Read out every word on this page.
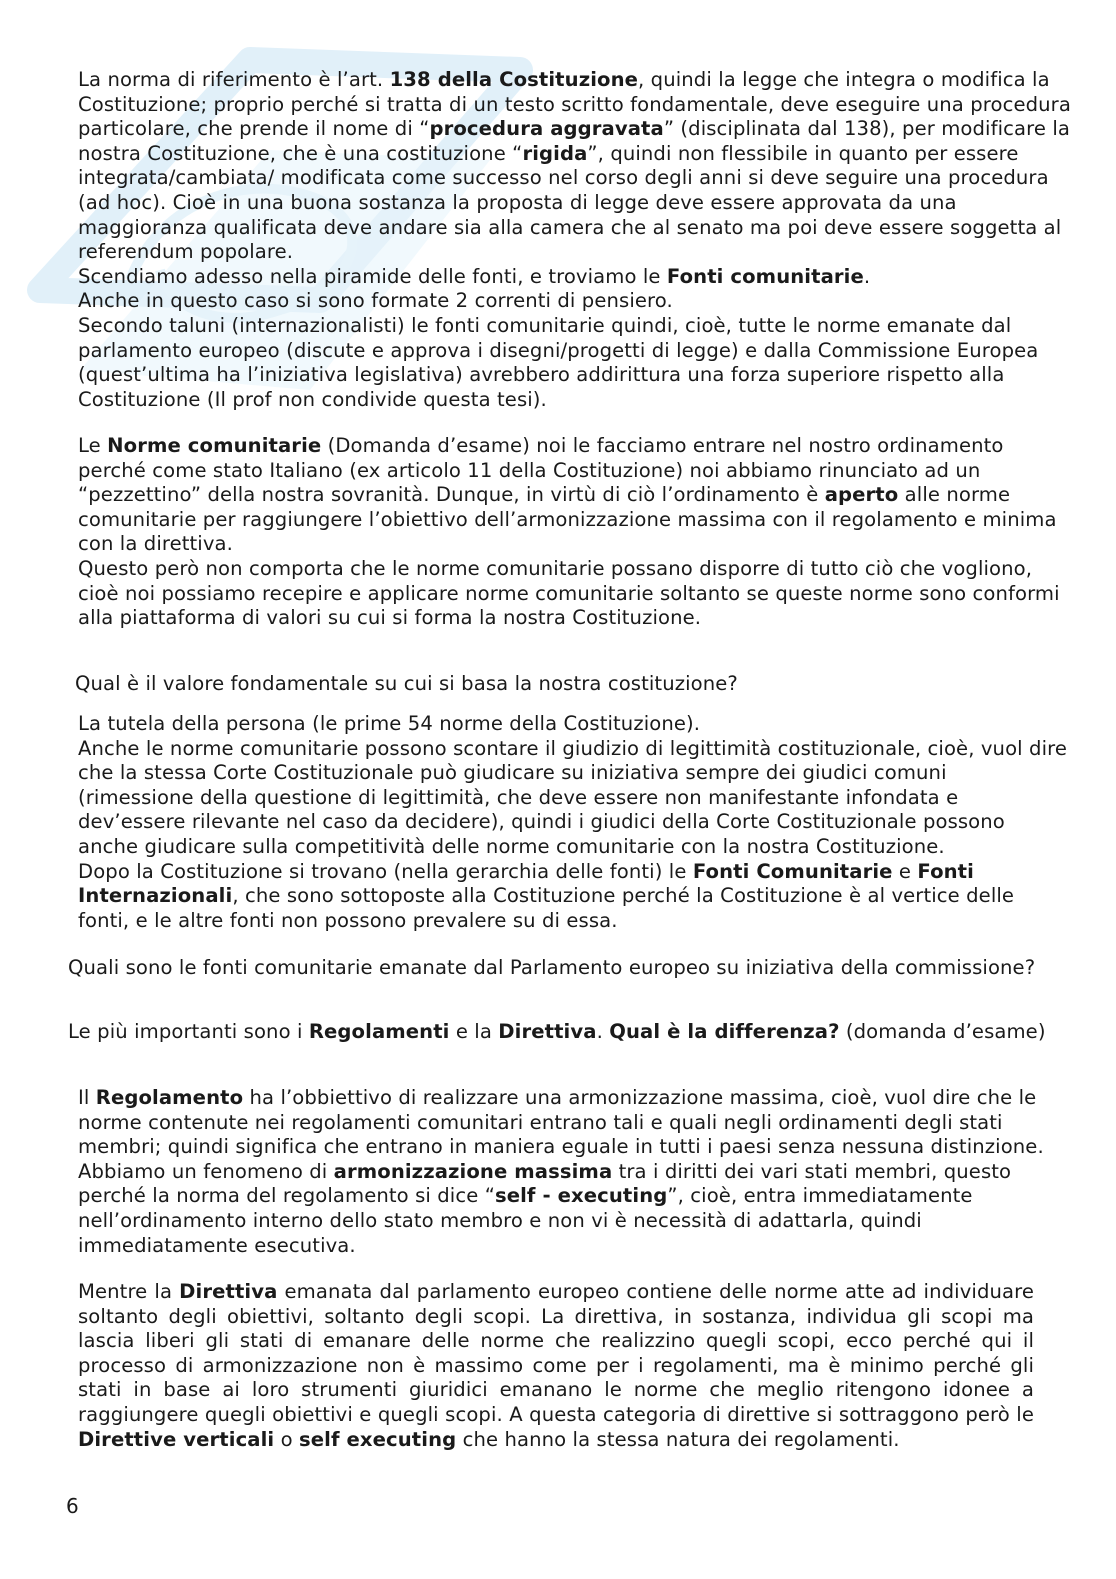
La norma di riferimento è l’art. 138 della Costituzione, quindi la legge che integra o modifica la Costituzione; proprio perché si tratta di un testo scritto fondamentale, deve eseguire una procedura particolare, che prende il nome di “procedura aggravata” (disciplinata dal 138), per modificare la nostra Costituzione, che è una costituzione “rigida”, quindi non flessibile in quanto per essere integrata/cambiata/ modificata come successo nel corso degli anni si deve seguire una procedura (ad hoc). Cioè in una buona sostanza la proposta di legge deve essere approvata da una maggioranza qualificata deve andare sia alla camera che al senato ma poi deve essere soggetta al referendum popolare.
Scendiamo adesso nella piramide delle fonti, e troviamo le Fonti comunitarie.
Anche in questo caso si sono formate 2 correnti di pensiero.
Secondo taluni (internazionalisti) le fonti comunitarie quindi, cioè, tutte le norme emanate dal parlamento europeo (discute e approva i disegni/progetti di legge) e dalla Commissione Europea (quest’ultima ha l’iniziativa legislativa) avrebbero addirittura una forza superiore rispetto alla Costituzione (Il prof non condivide questa tesi).

Le Norme comunitarie (Domanda d’esame) noi le facciamo entrare nel nostro ordinamento perché come stato Italiano (ex articolo 11 della Costituzione) noi abbiamo rinunciato ad un “pezzettino” della nostra sovranità. Dunque, in virtù di ciò l’ordinamento è aperto alle norme comunitarie per raggiungere l’obiettivo dell’armonizzazione massima con il regolamento e minima con la direttiva.
Questo però non comporta che le norme comunitarie possano disporre di tutto ciò che vogliono, cioè noi possiamo recepire e applicare norme comunitarie soltanto se queste norme sono conformi alla piattaforma di valori su cui si forma la nostra Costituzione.

Qual è il valore fondamentale su cui si basa la nostra costituzione?

La tutela della persona (le prime 54 norme della Costituzione).
Anche le norme comunitarie possono scontare il giudizio di legittimità costituzionale, cioè, vuol dire che la stessa Corte Costituzionale può giudicare su iniziativa sempre dei giudici comuni (rimessione della questione di legittimità, che deve essere non manifestante infondata e dev’essere rilevante nel caso da decidere), quindi i giudici della Corte Costituzionale possono anche giudicare sulla competitività delle norme comunitarie con la nostra Costituzione.
Dopo la Costituzione si trovano (nella gerarchia delle fonti) le Fonti Comunitarie e Fonti Internazionali, che sono sottoposte alla Costituzione perché la Costituzione è al vertice delle fonti, e le altre fonti non possono prevalere su di essa.

Quali sono le fonti comunitarie emanate dal Parlamento europeo su iniziativa della commissione?

Le più importanti sono i Regolamenti e la Direttiva. Qual è la differenza? (domanda d’esame)

Il Regolamento ha l’obbiettivo di realizzare una armonizzazione massima, cioè, vuol dire che le norme contenute nei regolamenti comunitari entrano tali e quali negli ordinamenti degli stati membri; quindi significa che entrano in maniera eguale in tutti i paesi senza nessuna distinzione. Abbiamo un fenomeno di armonizzazione massima tra i diritti dei vari stati membri, questo perché la norma del regolamento si dice “self - executing”, cioè, entra immediatamente nell’ordinamento interno dello stato membro e non vi è necessità di adattarla, quindi immediatamente esecutiva.

Mentre la Direttiva emanata dal parlamento europeo contiene delle norme atte ad individuare soltanto degli obiettivi, soltanto degli scopi. La direttiva, in sostanza, individua gli scopi ma lascia liberi gli stati di emanare delle norme che realizzino quegli scopi, ecco perché qui il processo di armonizzazione non è massimo come per i regolamenti, ma è minimo perché gli stati in base ai loro strumenti giuridici emanano le norme che meglio ritengono idonee a raggiungere quegli obiettivi e quegli scopi. A questa categoria di direttive si sottraggono però le Direttive verticali o self executing che hanno la stessa natura dei regolamenti.

6
